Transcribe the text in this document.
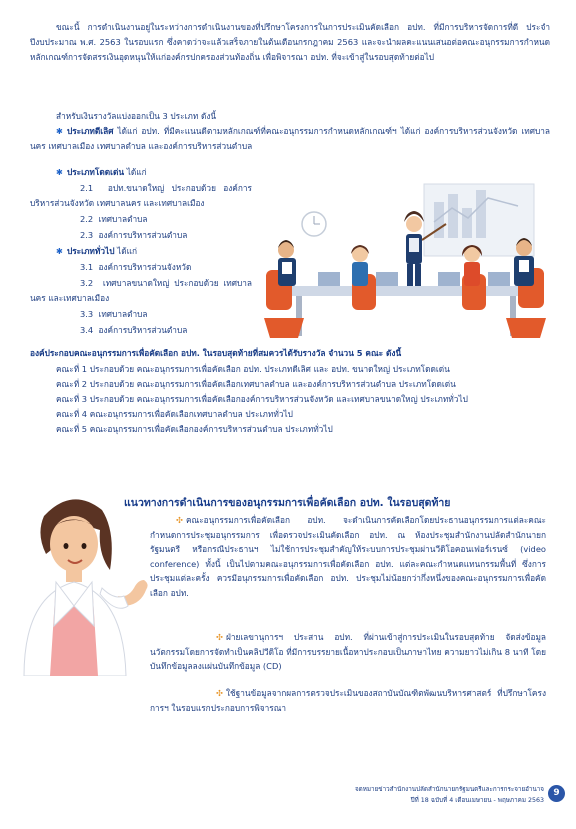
ขณะนี้ การดำเนินงานอยู่ในระหว่างการดำเนินงานของที่ปรึกษาโครงการในการประเมินคัดเลือก อปท. ที่มีการบริหารจัดการที่ดี ประจำปีงบประมาณ พ.ศ. 2563 ในรอบแรก ซึ่งคาดว่าจะแล้วเสร็จภายในต้นเดือนกรกฎาคม 2563 และจะนำผลคะแนนเสนอต่อคณะอนุกรรมการกำหนดหลักเกณฑ์การจัดสรรเงินอุดหนุนให้แก่องค์กรปกครองส่วนท้องถิ่น เพื่อพิจารณา อปท. ที่จะเข้าสู่ในรอบสุดท้ายต่อไป
สำหรับเงินรางวัลแบ่งออกเป็น 3 ประเภท ดังนี้
✱ ประเภทดีเลิศ ได้แก่ อปท. ที่มีคะแนนดีตามหลักเกณฑ์ที่คณะอนุกรรมการกำหนดหลักเกณฑ์ฯ ได้แก่ องค์การบริหารส่วนจังหวัด เทศบาลนคร เทศบาลเมือง เทศบาลตำบล และองค์การบริหารส่วนตำบล
✱ ประเภทโดดเด่น ได้แก่
2.1 อปท.ขนาดใหญ่ ประกอบด้วย องค์การบริหารส่วนจังหวัด เทศบาลนคร และเทศบาลเมือง
2.2 เทศบาลตำบล
2.3 องค์การบริหารส่วนตำบล
✱ ประเภททั่วไป ได้แก่
3.1 องค์การบริหารส่วนจังหวัด
3.2 เทศบาลขนาดใหญ่ ประกอบด้วย เทศบาลนคร และเทศบาลเมือง
3.3 เทศบาลตำบล
3.4 องค์การบริหารส่วนตำบล
องค์ประกอบคณะอนุกรรมการเพื่อคัดเลือก อปท. ในรอบสุดท้ายที่สมควรได้รับรางวัล จำนวน 5 คณะ ดังนี้
คณะที่ 1 ประกอบด้วย คณะอนุกรรมการเพื่อคัดเลือก อปท. ประเภทดีเลิศ และ อปท. ขนาดใหญ่ ประเภทโดดเด่น
คณะที่ 2 ประกอบด้วย คณะอนุกรรมการเพื่อคัดเลือกเทศบาลตำบล และองค์การบริหารส่วนตำบล ประเภทโดดเด่น
คณะที่ 3 ประกอบด้วย คณะอนุกรรมการเพื่อคัดเลือกองค์การบริหารส่วนจังหวัด และเทศบาลขนาดใหญ่ ประเภททั่วไป
คณะที่ 4 คณะอนุกรรมการเพื่อคัดเลือกเทศบาลตำบล ประเภททั่วไป
คณะที่ 5 คณะอนุกรรมการเพื่อคัดเลือกองค์การบริหารส่วนตำบล ประเภททั่วไป
แนวทางการดำเนินการของอนุกรรมการเพื่อคัดเลือก อปท. ในรอบสุดท้าย
✣ คณะอนุกรรมการเพื่อคัดเลือก อปท. จะดำเนินการคัดเลือกโดยประธานอนุกรรมการแต่ละคณะกำหนดการประชุมอนุกรรมการ เพื่อตรวจประเมินคัดเลือก อปท. ณ ห้องประชุมสำนักงานปลัดสำนักนายกรัฐมนตรี หรือกรณีประธานฯ ไม่ใช้การประชุมสำคัญให้ระบบการประชุมผ่านวีดิโอคอนเฟอร์เรนซ์ (video conference) ทั้งนี้ เป็นไปตามคณะอนุกรรมการเพื่อคัดเลือก อปท. แต่ละคณะกำหนดแทนกรรมพื้นที่ ซึ่งการประชุมแต่ละครั้ง ควรมีอนุกรรมการเพื่อคัดเลือก อปท. ประชุมไม่น้อยกว่ากึ่งหนึ่งของคณะอนุกรรมการเพื่อคัดเลือก อปท.
✣ ฝ่ายเลขานุการฯ ประสาน อปท. ที่ผ่านเข้าสู่การประเมินในรอบสุดท้าย จัดส่งข้อมูลนวัตกรรมโดยการจัดทำเป็นคลิปวีดิโอ ที่มีการบรรยายเนื้อหาประกอบเป็นภาษาไทย ความยาวไม่เกิน 8 นาที โดยบันทึกข้อมูลลงแผ่นบันทึกข้อมูล (CD)
✣ ใช้ฐานข้อมูลจากผลการตรวจประเมินของสถาบันบัณฑิตพัฒนบริหารศาสตร์ ที่ปรึกษาโครงการฯ ในรอบแรกประกอบการพิจารณา
จดหมายข่าวสำนักงานปลัดสำนักนายกรัฐมนตรีและการกระจายอำนาจ
ปีที่ 18 ฉบับที่ 4 เดือนเมษายน - พฤษภาคม 2563
9
